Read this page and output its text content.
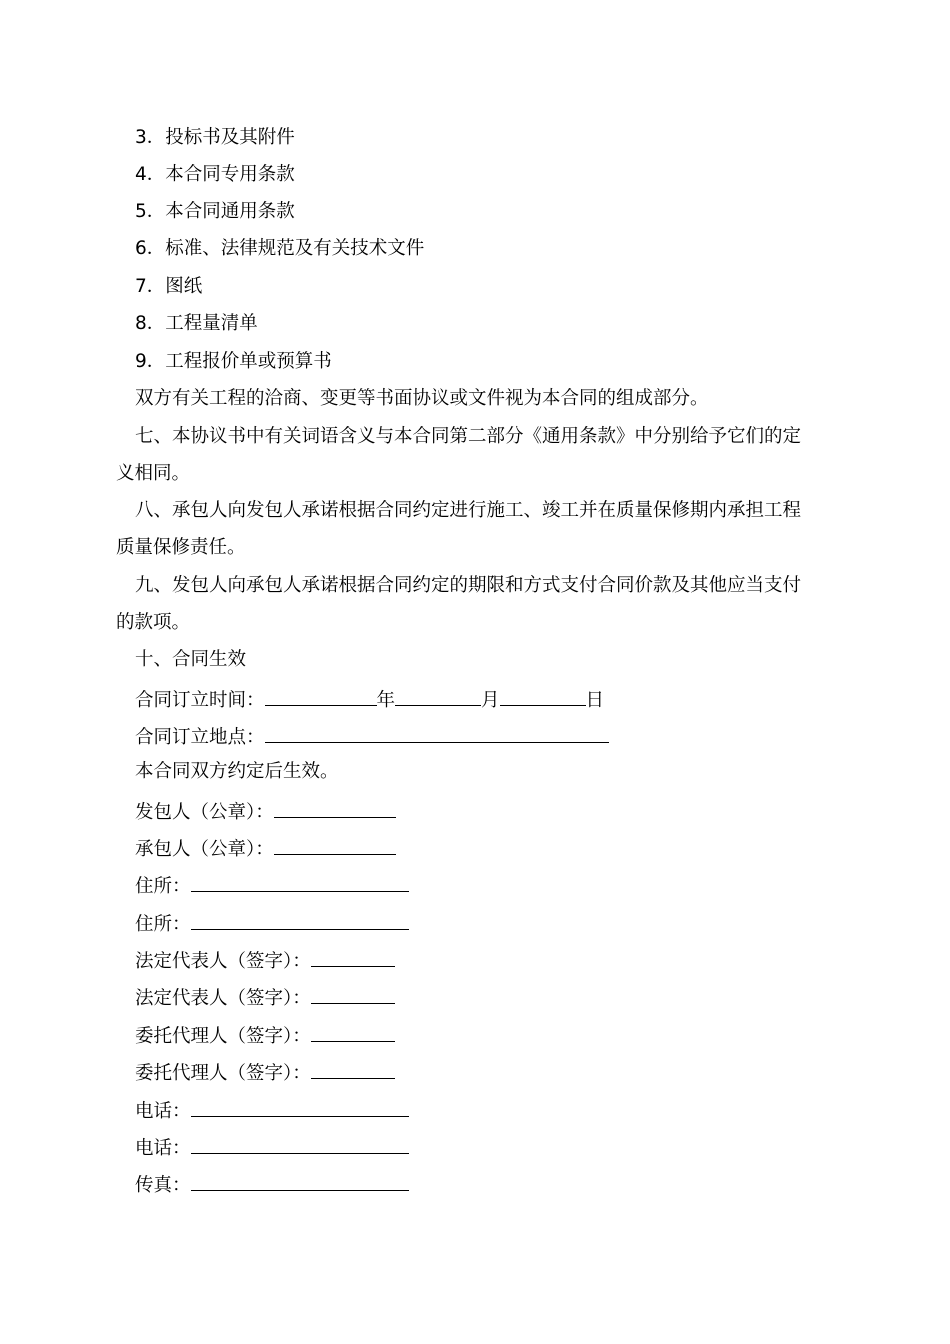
3．投标书及其附件
4．本合同专用条款
5．本合同通用条款
6．标准、法律规范及有关技术文件
7．图纸
8．工程量清单
9．工程报价单或预算书
双方有关工程的洽商、变更等书面协议或文件视为本合同的组成部分。
七、本协议书中有关词语含义与本合同第二部分《通用条款》中分别给予它们的定
义相同。
八、承包人向发包人承诺根据合同约定进行施工、竣工并在质量保修期内承担工程
质量保修责任。
九、发包人向承包人承诺根据合同约定的期限和方式支付合同价款及其他应当支付
的款项。
十、合同生效
合同订立时间：	年	月	日
合同订立地点：
本合同双方约定后生效。
发包人（公章）：
承包人（公章）：
住所：
住所：
法定代表人（签字）：
法定代表人（签字）：
委托代理人（签字）：
委托代理人（签字）：
电话：
电话：
传真：
